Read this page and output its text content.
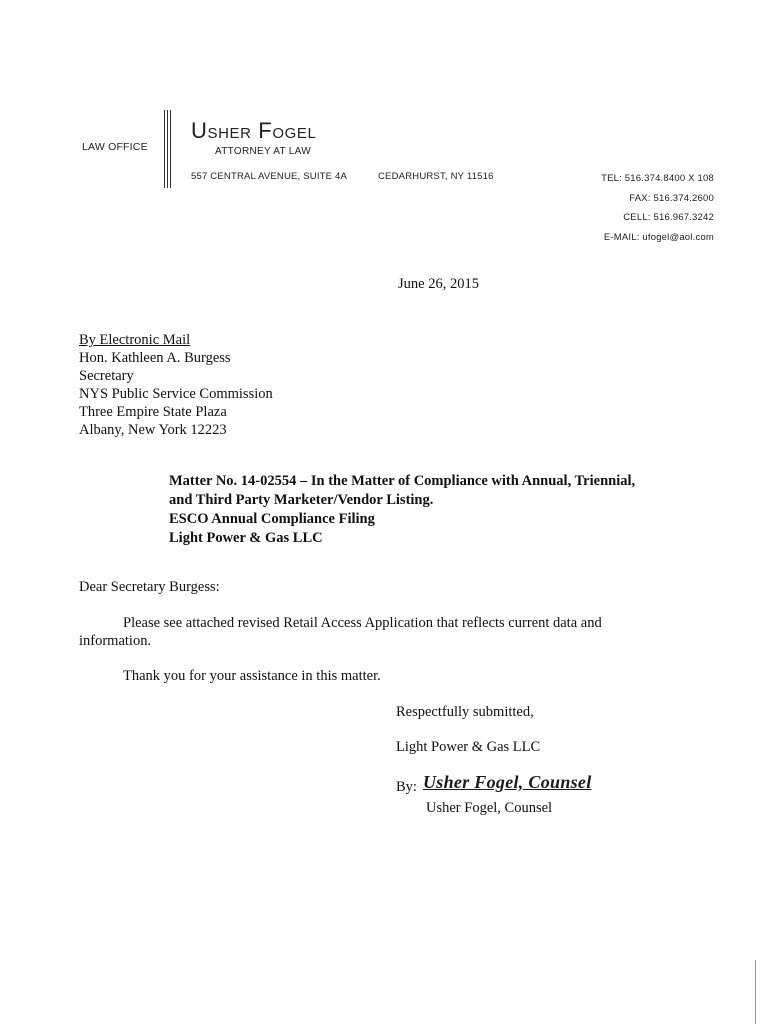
LAW OFFICE
Usher Fogel
ATTORNEY AT LAW
557 CENTRAL AVENUE, SUITE 4A	CEDARHURST, NY 11516	TEL: 516.374.8400 X 108
FAX: 516.374.2600
CELL: 516.967.3242
E-MAIL: ufogel@aol.com
June 26, 2015
By Electronic Mail
Hon. Kathleen A. Burgess
Secretary
NYS Public Service Commission
Three Empire State Plaza
Albany, New York 12223
Matter No. 14-02554 – In the Matter of Compliance with Annual, Triennial,
and Third Party Marketer/Vendor Listing.
ESCO Annual Compliance Filing
Light Power & Gas LLC
Dear Secretary Burgess:
Please see attached revised Retail Access Application that reflects current data and
information.
Thank you for your assistance in this matter.
Respectfully submitted,
Light Power & Gas LLC
By: Usher Fogel, Counsel
Usher Fogel, Counsel
